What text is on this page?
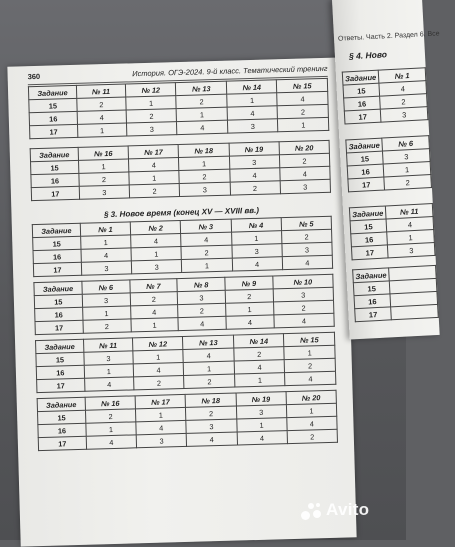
360	История. ОГЭ-2024. 9-й класс. Тематический тренинг
Задание	№ 11	№ 12	№ 13	№ 14	№ 15
15	2	1	2	1	4
16	4	2	1	4	2
17	1	3	4	3	1
Задание	№ 16	№ 17	№ 18	№ 19	№ 20
15	1	4	1	3	2
16	2	1	2	4	4
17	3	2	3	2	3
§ 3. Новое время (конец XV — XVIII вв.)
Задание	№ 1	№ 2	№ 3	№ 4	№ 5
15	1	4	4	1	2
16	4	1	2	3	3
17	3	3	1	4	4
Задание	№ 6	№ 7	№ 8	№ 9	№ 10
15	3	2	3	2	3
16	1	4	2	1	2
17	2	1	4	4	4
Задание	№ 11	№ 12	№ 13	№ 14	№ 15
15	3	1	4	2	1
16	1	4	1	4	2
17	4	2	2	1	4
Задание	№ 16	№ 17	№ 18	№ 19	№ 20
15	2	1	2	3	1
16	1	4	3	1	4
17	4	3	4	4	2
Ответы. Часть 2. Раздел 6. Все
§ 4. Ново
Задание	№ 1
15	4
16	2
17	3
Задание	№ 6
15	3
16	1
17	2
Задание	№ 11
15	4
16	1
17	3
Задание	
15	
16	
17	
Avito
